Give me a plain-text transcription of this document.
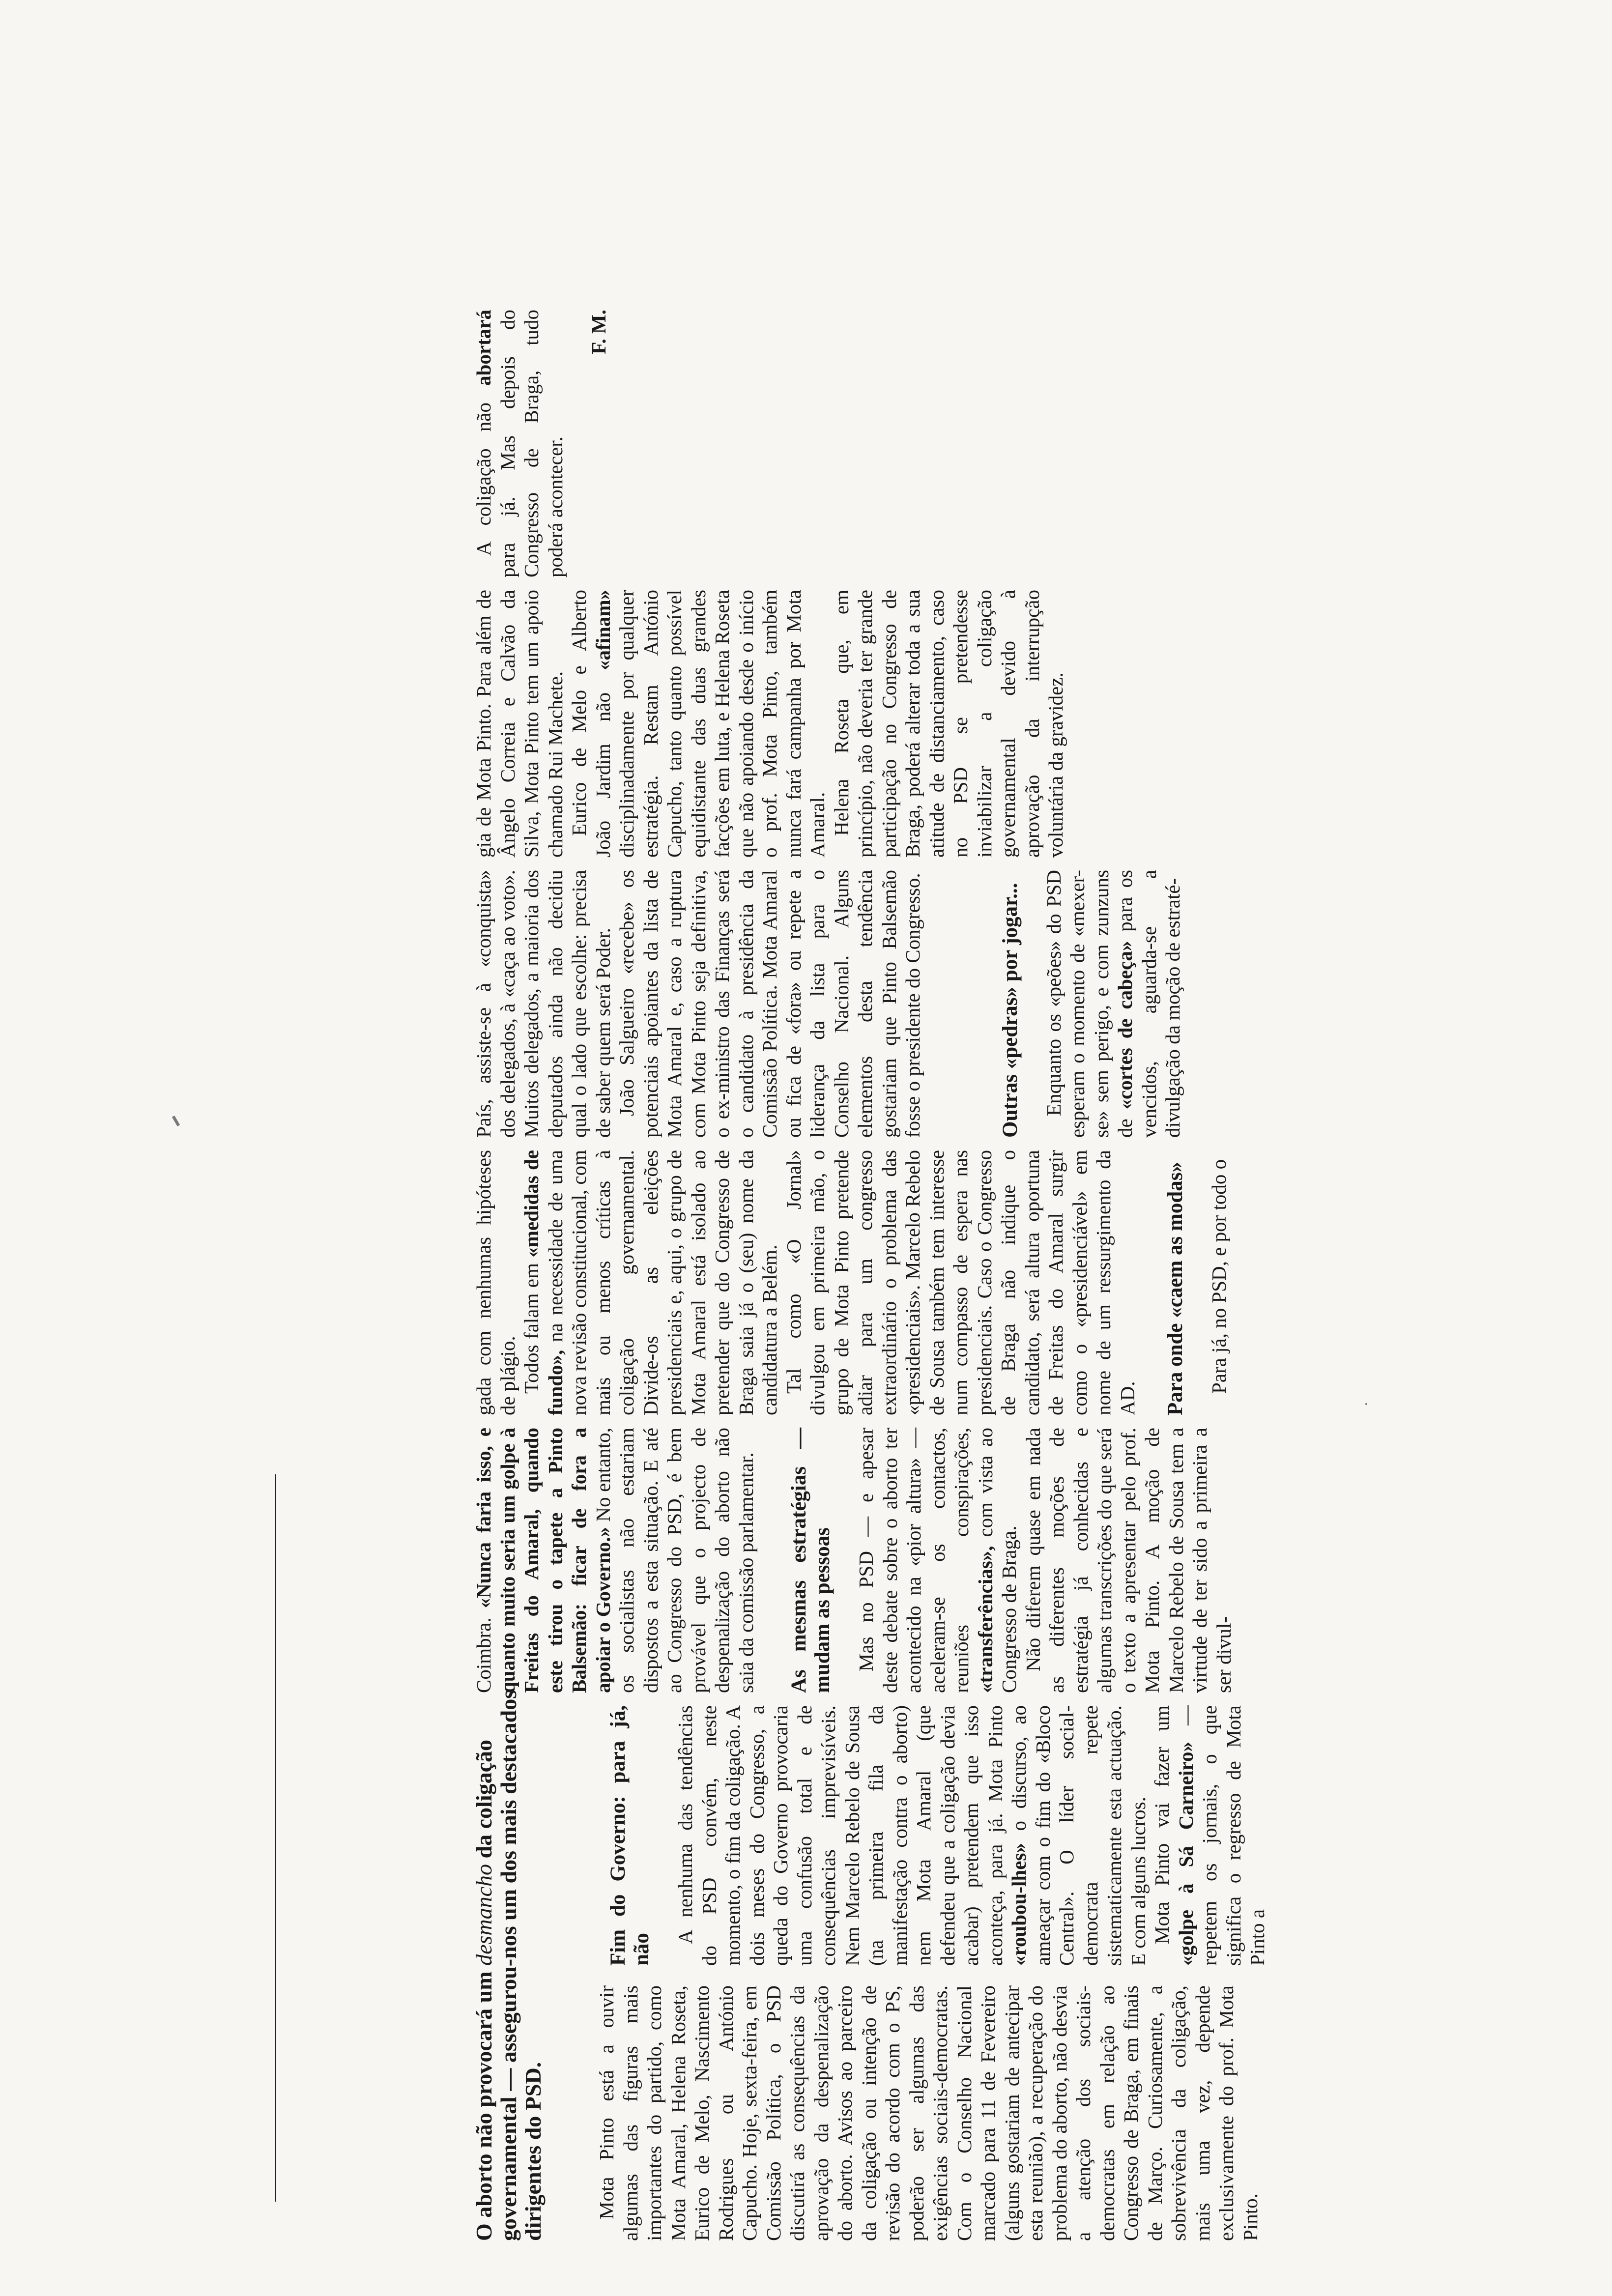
O aborto não provocará um desmancho da coligação governamental — assegurou-nos um dos mais destacados dirigentes do PSD. Mota Pinto está a ouvir algumas das figuras mais importantes do partido, como Mota Amaral, Helena Roseta, Eurico de Melo, Nascimento Rodrigues ou António Capucho. Hoje, sexta-feira, em Comissão Política, o PSD discutirá as consequências da aprovação da despenalização do aborto. Avisos ao parceiro da coligação ou intenção de revisão do acordo com o PS, poderão ser algumas das exigências sociais-democratas. Com o Conselho Nacional marcado para 11 de Fevereiro (alguns gostariam de antecipar esta reunião), a recuperação do problema do aborto, não desvia a atenção dos sociais-democratas em relação ao Congresso de Braga, em finais de Março. Curiosamente, a sobrevivência da coligação, mais uma vez, depende exclusivamente do prof. Mota Pinto.

Fim do Governo: para já, não

A nenhuma das tendências do PSD convém, neste momento, o fim da coligação. A dois meses do Congresso, a queda do Governo provocaria uma confusão total e de consequências imprevisíveis. Nem Marcelo Rebelo de Sousa (na primeira fila da manifestação contra o aborto) nem Mota Amaral (que defendeu que a coligação devia acabar) pretendem que isso aconteça, para já. Mota Pinto «roubou-lhes» o discurso, ao ameaçar com o fim do «Bloco Central». O líder social-democrata repete sistematicamente esta actuação. E com alguns lucros. Mota Pinto vai fazer um «golpe à Sá Carneiro» — repetem os jornais, o que significa o regresso de Mota Pinto a

Coimbra. «Nunca faria isso, e quanto muito seria um golpe à Freitas do Amaral, quando este tirou o tapete a Pinto Balsemão: ficar de fora a apoiar o Governo.» No entanto, os socialistas não estariam dispostos a esta situação. E até ao Congresso do PSD, é bem provável que o projecto de despenalização do aborto não saia da comissão parlamentar. As mesmas estratégias — mudam as pessoas Mas no PSD — e apesar deste debate sobre o aborto ter acontecido na «pior altura» — aceleram-se os contactos, reuniões conspirações, «transferências», com vista ao Congresso de Braga. Não diferem quase em nada as diferentes moções de estratégia já conhecidas e algumas transcrições do que será o texto a apresentar pelo prof. Mota Pinto. A moção de Marcelo Rebelo de Sousa tem a virtude de ter sido a primeira a ser divul-

gada com nenhumas hipóteses de plágio. Todos falam em «medidas de fundo», na necessidade de uma nova revisão constitucional, com mais ou menos críticas à coligação governamental. Divide-os as eleições presidenciais e, aqui, o grupo de Mota Amaral está isolado ao pretender que do Congresso de Braga saia já o (seu) nome da candidatura a Belém. Tal como «O Jornal» divulgou em primeira mão, o grupo de Mota Pinto pretende adiar para um congresso extraordinário o problema das «presidenciais». Marcelo Rebelo de Sousa também tem interesse num compasso de espera nas presidenciais. Caso o Congresso de Braga não indique o candidato, será altura oportuna de Freitas do Amaral surgir como o «presidenciável» em nome de um ressurgimento da AD. Para onde «caem as modas» Para já, no PSD, e por todo o

País, assiste-se à «conquista» dos delegados, à «caça ao voto». Muitos delegados, a maioria dos deputados ainda não decidiu qual o lado que escolhe: precisa de saber quem será Poder. João Salgueiro «recebe» os potenciais apoiantes da lista de Mota Amaral e, caso a ruptura com Mota Pinto seja definitiva, o ex-ministro das Finanças será o candidato à presidência da Comissão Política. Mota Amaral ou fica de «fora» ou repete a liderança da lista para o Conselho Nacional. Alguns elementos desta tendência gostariam que Pinto Balsemão fosse o presidente do Congresso.	Outras «pedras» por jogar... Enquanto os «peões» do PSD esperam o momento de «mexer-se» sem perigo, e com zunzuns de «cortes de cabeça» para os vencidos, aguarda-se a divulgação da moção de estraté-

gia de Mota Pinto. Para além de Ângelo Correia e Calvão da Silva, Mota Pinto tem um apoio chamado Rui Machete. Eurico de Melo e Alberto João Jardim não «afinam» disciplinadamente por qualquer estratégia. Restam António Capucho, tanto quanto possível equidistante das duas grandes facções em luta, e Helena Roseta que não apoiando desde o início o prof. Mota Pinto, também nunca fará campanha por Mota Amaral. Helena Roseta que, em princípio, não deveria ter grande participação no Congresso de Braga, poderá alterar toda a sua atitude de distanciamento, caso no PSD se pretendesse inviabilizar a coligação governamental devido à aprovação da interrupção voluntária da gravidez.

A coligação não abortará para já. Mas depois do Congresso de Braga, tudo poderá acontecer.

F. M.
